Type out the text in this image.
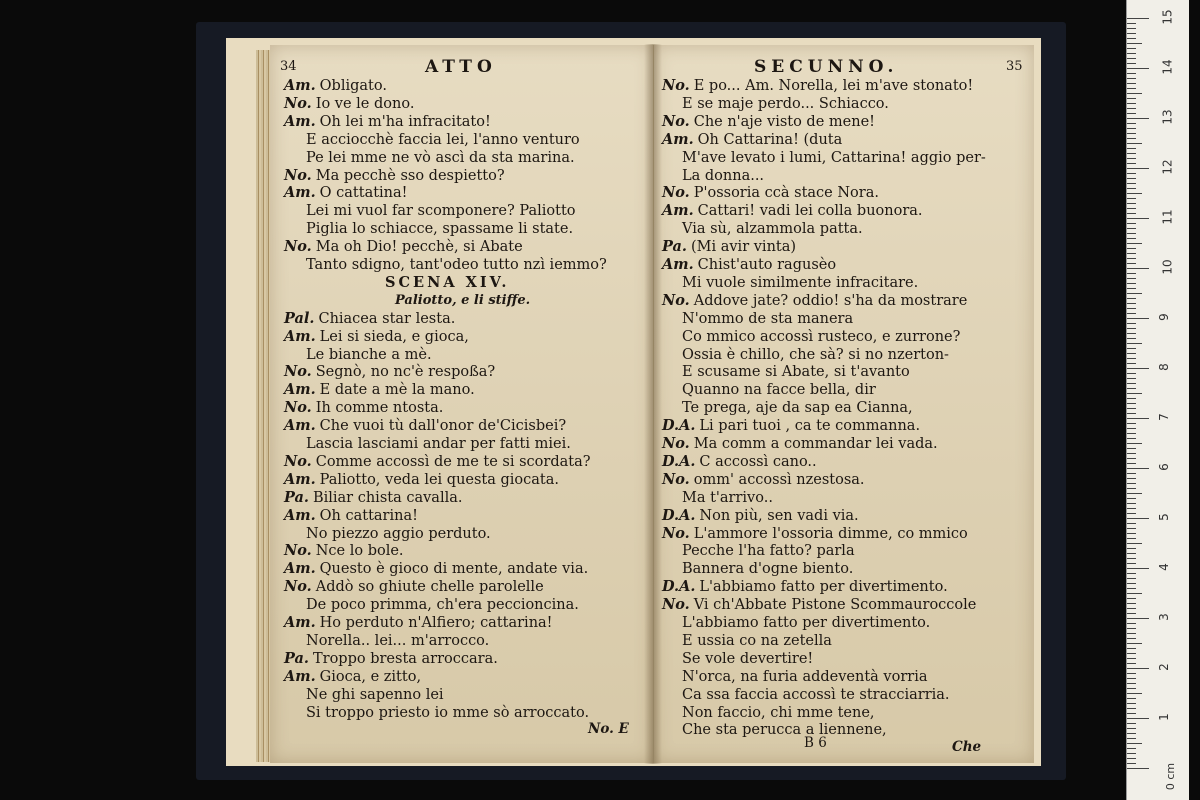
34	ATTO
Am. Obligato.
No. Io ve le dono.
Am. Oh lei m'ha infracitato!
E acciocchè faccia lei, l'anno venturo
Pe lei mme ne vò ascì da sta marina.
No. Ma pecchè sso despietto?
Am. O cattatina!
Lei mi vuol far scomponere? Paliotto
Piglia lo schiacce, spassame li state.
No. Ma oh Dio! pecchè, si Abate
Tanto sdigno, tant'odeo tutto nzì iemmo?
SCENA XIV.
Paliotto, e li stiffe.
Pal. Chiacea star lesta.
Am. Lei si sieda, e gioca,
Le bianche a mè.
No. Segnò, no nc'è respoßa?
Am. E date a mè la mano.
No. Ih comme ntosta.
Am. Che vuoi tù dall'onor de'Cicisbei?
Lascia lasciami andar per fatti miei.
No. Comme accossì de me te si scordata?
Am. Paliotto, veda lei questa giocata.
Pa. Biliar chista cavalla.
Am. Oh cattarina!
No piezzo aggio perduto.
No. Nce lo bole.
Am. Questo è gioco di mente, andate via.
No. Addò so ghiute chelle parolelle
De poco primma, ch'era peccioncina.
Am. Ho perduto n'Alfiero; cattarina!
Norella.. lei... m'arrocco.
Pa. Troppo bresta arroccara.
Am. Gioca, e zitto,
Ne ghi sapenno lei
Si troppo priesto io mme sò arroccato.
No. E
SECUNNO.	35
No. E po... Am. Norella, lei m'ave stonato!
E se maje perdo... Schiacco.
No. Che n'aje visto de mene!
Am. Oh Cattarina! (duta
M'ave levato i lumi, Cattarina! aggio per-
La donna...
No. P'ossoria ccà stace Nora.
Am. Cattari! vadi lei colla buonora.
Via sù, alzammola patta.
Pa. (Mi avir vinta)
Am. Chist'auto ragusèo
Mi vuole similmente infracitare.
No. Addove jate? oddio! s'ha da mostrare
N'ommo de sta manera
Co mmico accossì rusteco, e zurrone?
Ossia è chillo, che sà? si no nzerton-
E scusame si Abate, si t'avanto
Quanno na facce bella, dir
Te prega, aje da sap ea Cianna,
D.A. Li pari tuoi , ca te commanna.
No. Ma comm a commandar lei vada.
D.A. C accossì cano..
No. omm' accossì nzestosa.
Ma t'arrivo..
D.A. Non più, sen vadi via.
No. L'ammore l'ossoria dimme, co mmico
Pecche l'ha fatto? parla
Bannera d'ogne biento.
D.A. L'abbiamo fatto per divertimento.
No. Vi ch'Abbate Pistone Scommauroccole
L'abbiamo fatto per divertimento.
E ussia co na zetella
Se vole devertire!
N'orca, na furia addeventà vorria
Ca ssa faccia accossì te stracciarria.
Non faccio, chi mme tene,
Che sta perucca a liennene,
B 6	Che
0 cm
15
14
13
12
11
10
9
8
7
6
5
4
3
2
1
